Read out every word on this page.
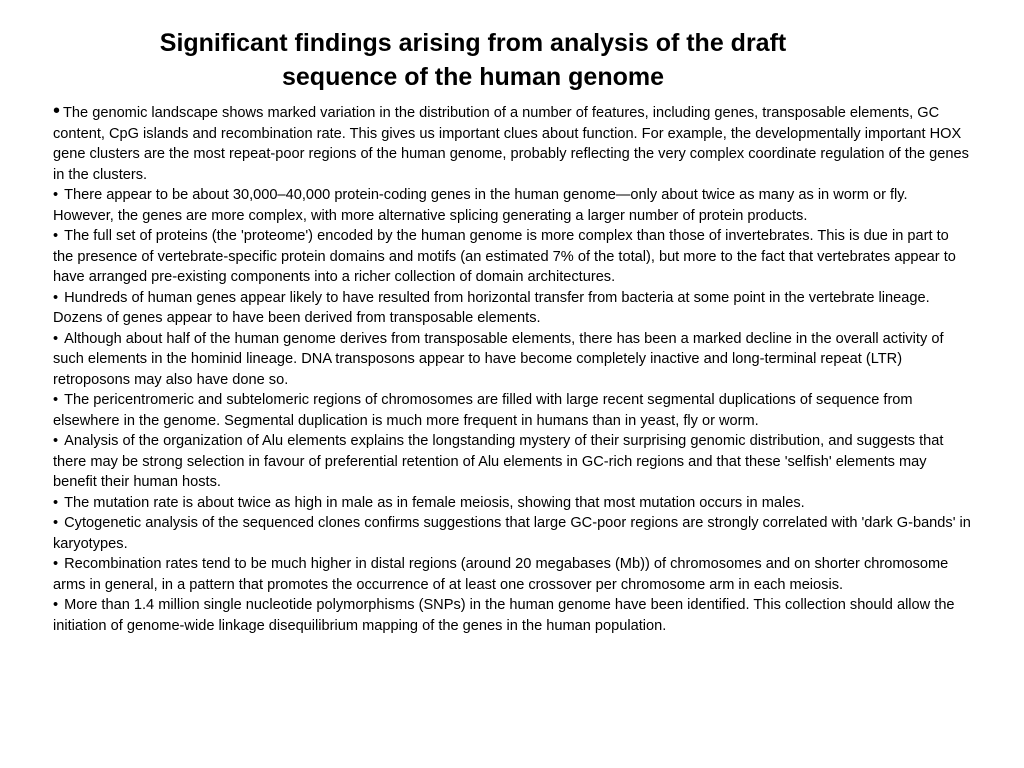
Significant findings arising from analysis of the draft
sequence of the human genome
• The genomic landscape shows marked variation in the distribution of a number of features, including genes, transposable elements, GC content, CpG islands and recombination rate. This gives us important clues about function. For example, the developmentally important HOX gene clusters are the most repeat-poor regions of the human genome, probably reflecting the very complex coordinate regulation of the genes in the clusters.
• There appear to be about 30,000–40,000 protein-coding genes in the human genome—only about twice as many as in worm or fly. However, the genes are more complex, with more alternative splicing generating a larger number of protein products.
• The full set of proteins (the 'proteome') encoded by the human genome is more complex than those of invertebrates. This is due in part to the presence of vertebrate-specific protein domains and motifs (an estimated 7% of the total), but more to the fact that vertebrates appear to have arranged pre-existing components into a richer collection of domain architectures.
• Hundreds of human genes appear likely to have resulted from horizontal transfer from bacteria at some point in the vertebrate lineage. Dozens of genes appear to have been derived from transposable elements.
• Although about half of the human genome derives from transposable elements, there has been a marked decline in the overall activity of such elements in the hominid lineage. DNA transposons appear to have become completely inactive and long-terminal repeat (LTR) retroposons may also have done so.
• The pericentromeric and subtelomeric regions of chromosomes are filled with large recent segmental duplications of sequence from elsewhere in the genome. Segmental duplication is much more frequent in humans than in yeast, fly or worm.
• Analysis of the organization of Alu elements explains the longstanding mystery of their surprising genomic distribution, and suggests that there may be strong selection in favour of preferential retention of Alu elements in GC-rich regions and that these 'selfish' elements may benefit their human hosts.
• The mutation rate is about twice as high in male as in female meiosis, showing that most mutation occurs in males.
• Cytogenetic analysis of the sequenced clones confirms suggestions that large GC-poor regions are strongly correlated with 'dark G-bands' in karyotypes.
• Recombination rates tend to be much higher in distal regions (around 20 megabases (Mb)) of chromosomes and on shorter chromosome arms in general, in a pattern that promotes the occurrence of at least one crossover per chromosome arm in each meiosis.
• More than 1.4 million single nucleotide polymorphisms (SNPs) in the human genome have been identified. This collection should allow the initiation of genome-wide linkage disequilibrium mapping of the genes in the human population.
